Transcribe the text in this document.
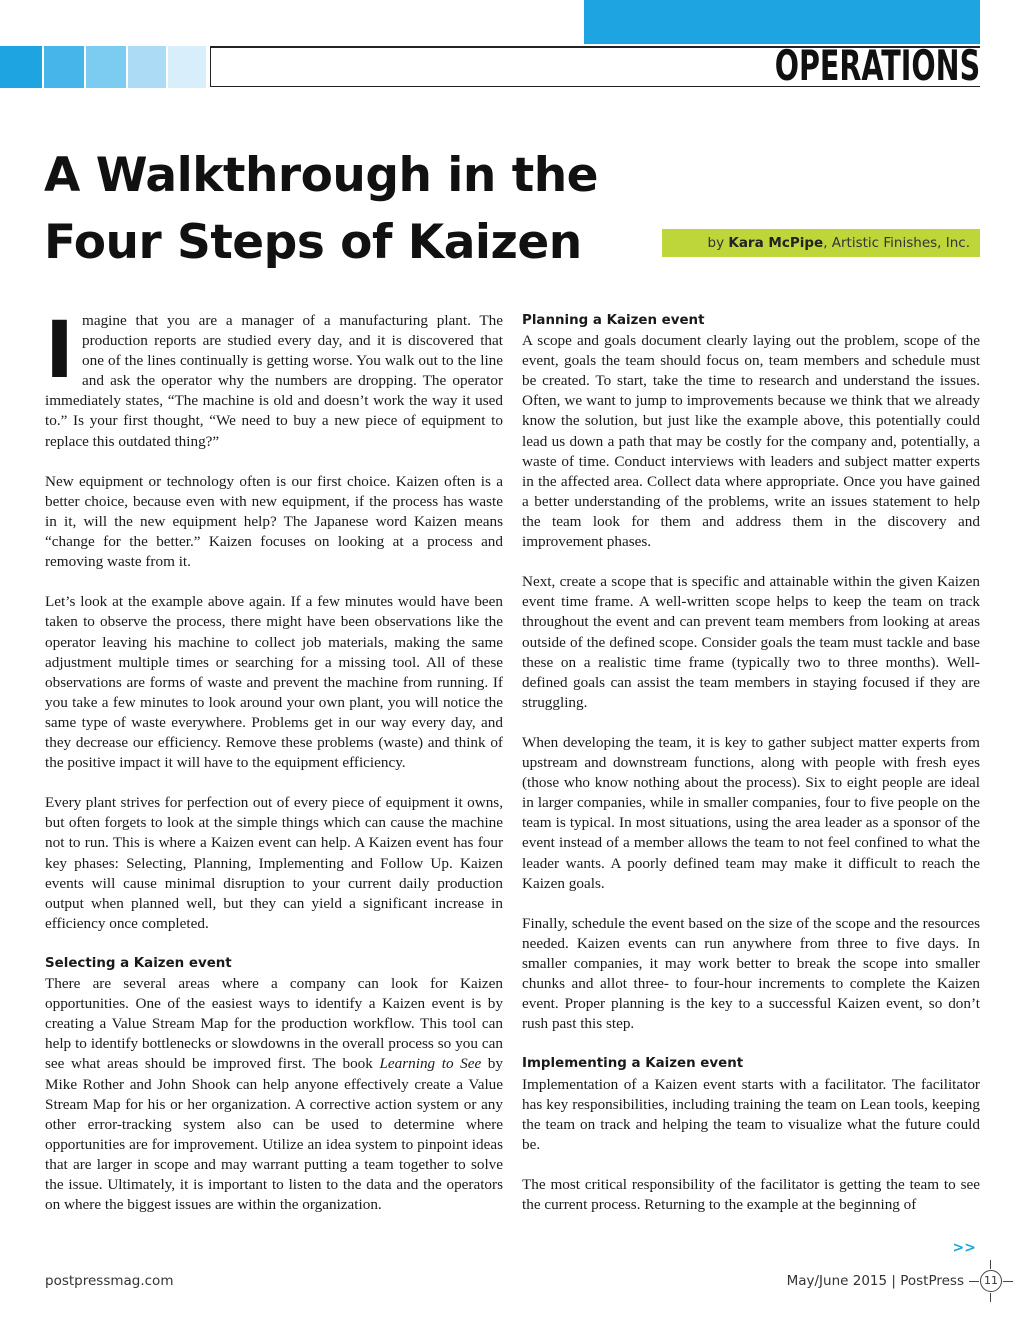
OPERATIONS
A Walkthrough in the
Four Steps of Kaizen	by Kara McPipe, Artistic Finishes, Inc.

Imagine that you are a manager of a manufacturing plant. The production reports are studied every day, and it is discovered that one of the lines continually is getting worse. You walk out to the line and ask the operator why the numbers are dropping. The operator immediately states, “The machine is old and doesn’t work the way it used to.” Is your first thought, “We need to buy a new piece of equipment to replace this outdated thing?”

New equipment or technology often is our first choice. Kaizen often is a better choice, because even with new equipment, if the process has waste in it, will the new equipment help? The Japanese word Kaizen means “change for the better.” Kaizen focuses on looking at a process and removing waste from it.

Let’s look at the example above again. If a few minutes would have been taken to observe the process, there might have been observations like the operator leaving his machine to collect job materials, making the same adjustment multiple times or searching for a missing tool. All of these observations are forms of waste and prevent the machine from running. If you take a few minutes to look around your own plant, you will notice the same type of waste everywhere. Problems get in our way every day, and they decrease our efficiency. Remove these problems (waste) and think of the positive impact it will have to the equipment efficiency.

Every plant strives for perfection out of every piece of equipment it owns, but often forgets to look at the simple things which can cause the machine not to run. This is where a Kaizen event can help. A Kaizen event has four key phases: Selecting, Planning, Implementing and Follow Up. Kaizen events will cause minimal disruption to your current daily production output when planned well, but they can yield a significant increase in efficiency once completed.

Selecting a Kaizen event

There are several areas where a company can look for Kaizen opportunities. One of the easiest ways to identify a Kaizen event is by creating a Value Stream Map for the production workflow. This tool can help to identify bottlenecks or slowdowns in the overall process so you can see what areas should be improved first. The book Learning to See by Mike Rother and John Shook can help anyone effectively create a Value Stream Map for his or her organization. A corrective action system or any other error-tracking system also can be used to determine where opportunities are for improvement. Utilize an idea system to pinpoint ideas that are larger in scope and may warrant putting a team together to solve the issue. Ultimately, it is important to listen to the data and the operators on where the biggest issues are within the organization.

Planning a Kaizen event

A scope and goals document clearly laying out the problem, scope of the event, goals the team should focus on, team members and schedule must be created. To start, take the time to research and understand the issues. Often, we want to jump to improvements because we think that we already know the solution, but just like the example above, this potentially could lead us down a path that may be costly for the company and, potentially, a waste of time. Conduct interviews with leaders and subject matter experts in the affected area. Collect data where appropriate. Once you have gained a better understanding of the problems, write an issues statement to help the team look for them and address them in the discovery and improvement phases.

Next, create a scope that is specific and attainable within the given Kaizen event time frame. A well-written scope helps to keep the team on track throughout the event and can prevent team members from looking at areas outside of the defined scope. Consider goals the team must tackle and base these on a realistic time frame (typically two to three months). Well-defined goals can assist the team members in staying focused if they are struggling.

When developing the team, it is key to gather subject matter experts from upstream and downstream functions, along with people with fresh eyes (those who know nothing about the process). Six to eight people are ideal in larger companies, while in smaller companies, four to five people on the team is typical. In most situations, using the area leader as a sponsor of the event instead of a member allows the team to not feel confined to what the leader wants. A poorly defined team may make it difficult to reach the Kaizen goals.

Finally, schedule the event based on the size of the scope and the resources needed. Kaizen events can run anywhere from three to five days. In smaller companies, it may work better to break the scope into smaller chunks and allot three- to four-hour increments to complete the Kaizen event. Proper planning is the key to a successful Kaizen event, so don’t rush past this step.

Implementing a Kaizen event

Implementation of a Kaizen event starts with a facilitator. The facilitator has key responsibilities, including training the team on Lean tools, keeping the team on track and helping the team to visualize what the future could be.

The most critical responsibility of the facilitator is getting the team to see the current process. Returning to the example at the beginning of

>>
postpressmag.com	May/June 2015 | PostPress	11
